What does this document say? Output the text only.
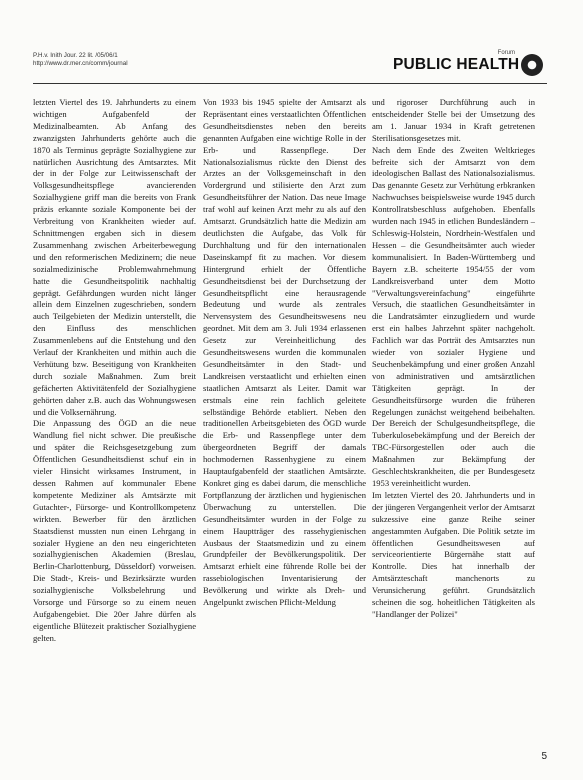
P.H.v. Inith Jour. 22 lit. /05/06/1
http://www.dr.mer.cn/comm/journal
Forum
PUBLIC HEALTH
letzten Viertel des 19. Jahrhunderts zu einem wichtigen Aufgabenfeld der Medizinalbeamten. Ab Anfang des zwanzigsten Jahrhunderts gehörte auch die 1870 als Terminus geprägte Sozialhygiene zur natürlichen Ausrichtung des Amtsarztes. Mit der in der Folge zur Leitwissenschaft der Volksgesundheitspflege avancierenden Sozialhygiene griff man die bereits von Frank präzis erkannte soziale Komponente bei der Verbreitung von Krankheiten wieder auf. Schnittmengen ergaben sich in diesem Zusammenhang zwischen Arbeiterbewegung und den reformerischen Medizinern; die neue sozialmedizinische Problemwahrnehmung hatte die Gesundheitspolitik nachhaltig geprägt. Gefährdungen wurden nicht länger allein dem Einzelnen zugeschrieben, sondern auch Teilgebieten der Medizin unterstellt, die den Einfluss des menschlichen Zusammenlebens auf die Entstehung und den Verlauf der Krankheiten und mithin auch die Verhütung bzw. Beseitigung von Krankheiten durch soziale Maßnahmen. Zum breit gefächerten Aktivitätenfeld der Sozialhygiene gehörten daher z.B. auch das Wohnungswesen und die Volksernährung.
Die Anpassung des ÖGD an die neue Wandlung fiel nicht schwer. Die preußische und später die Reichsgesetzgebung zum Öffentlichen Gesundheitsdienst schuf ein in vieler Hinsicht wirksames Instrument, in dessen Rahmen auf kommunaler Ebene kompetente Mediziner als Amtsärzte mit Gutachter-, Fürsorge- und Kontrollkompetenz wirkten. Bewerber für den ärztlichen Staatsdienst mussten nun einen Lehrgang in sozialer Hygiene an den neu eingerichteten sozialhygienischen Akademien (Breslau, Berlin-Charlottenburg, Düsseldorf) vorweisen. Die Stadt-, Kreis- und Bezirksärzte wurden sozialhygienische Volksbelehrung und Vorsorge und Fürsorge so zu einem neuen Aufgabengebiet. Die 20er Jahre dürfen als eigentliche Blütezeit praktischer Sozialhygiene gelten.
Von 1933 bis 1945 spielte der Amtsarzt als Repräsentant eines verstaatlichten Öffentlichen Gesundheitsdienstes neben den bereits genannten Aufgaben eine wichtige Rolle in der Erb- und Rassenpflege. Der Nationalsozialismus rückte den Dienst des Arztes an der Volksgemeinschaft in den Vordergrund und stilisierte den Arzt zum Gesundheitsführer der Nation. Das neue Image traf wohl auf keinen Arzt mehr zu als auf den Amtsarzt. Grundsätzlich hatte die Medizin am deutlichsten die Aufgabe, das Volk für Durchhaltung und für den internationalen Daseinskampf fit zu machen. Vor diesem Hintergrund erhielt der Öffentliche Gesundheitsdienst bei der Durchsetzung der Gesundheitspflicht eine herausragende Bedeutung und wurde als zentrales Nervensystem des Gesundheitswesens neu geordnet. Mit dem am 3. Juli 1934 erlassenen Gesetz zur Vereinheitlichung des Gesundheitswesens wurden die kommunalen Gesundheitsämter in den Stadt- und Landkreisen verstaatlicht und erhielten einen staatlichen Amtsarzt als Leiter. Damit war erstmals eine rein fachlich geleitete selbständige Behörde etabliert. Neben den traditionellen Arbeitsgebieten des ÖGD wurde die Erb- und Rassenpflege unter dem übergeordneten Begriff der damals hochmodernen Rassenhygiene zu einem Hauptaufgabenfeld der staatlichen Amtsärzte. Konkret ging es dabei darum, die menschliche Fortpflanzung der ärztlichen und hygienischen Überwachung zu unterstellen. Die Gesundheitsämter wurden in der Folge zu einem Hauptträger des rassehygienischen Ausbaus der Staatsmedizin und zu einem Grundpfeiler der Bevölkerungspolitik. Der Amtsarzt erhielt eine führende Rolle bei der rassebiologischen Inventarisierung der Bevölkerung und wirkte als Dreh- und Angelpunkt zwischen Pflicht-Meldung
und rigoroser Durchführung auch in entscheidender Stelle bei der Umsetzung des am 1. Januar 1934 in Kraft getretenen Sterilisationsgesetzes mit.
Nach dem Ende des Zweiten Weltkrieges befreite sich der Amtsarzt von dem ideologischen Ballast des Nationalsozialismus. Das genannte Gesetz zur Verhütung erbkranken Nachwuchses beispielsweise wurde 1945 durch Kontrollratsbeschluss aufgehoben. Ebenfalls wurden nach 1945 in etlichen Bundesländern – Schleswig-Holstein, Nordrhein-Westfalen und Hessen – die Gesundheitsämter auch wieder kommunalisiert. In Baden-Württemberg und Bayern z.B. scheiterte 1954/55 der vom Landkreisverband unter dem Motto "Verwaltungsvereinfachung" eingeführte Versuch, die staatlichen Gesundheitsämter in die Landratsämter einzugliedern und wurde erst ein halbes Jahrzehnt später nachgeholt. Fachlich war das Porträt des Amtsarztes nun wieder von sozialer Hygiene und Seuchenbekämpfung und einer großen Anzahl von administrativen und amtsärztlichen Tätigkeiten geprägt. In der Gesundheitsfürsorge wurden die früheren Regelungen zunächst weitgehend beibehalten. Der Bereich der Schulgesundheitspflege, die Tuberkulosebekämpfung und der Bereich der TBC-Fürsorgestellen oder auch die Maßnahmen zur Bekämpfung der Geschlechtskrankheiten, die per Bundesgesetz 1953 vereinheitlicht wurden.
Im letzten Viertel des 20. Jahrhunderts und in der jüngeren Vergangenheit verlor der Amtsarzt sukzessive eine ganze Reihe seiner angestammten Aufgaben. Die Politik setzte im öffentlichen Gesundheitswesen auf serviceorientierte Bürgernähe statt auf Kontrolle. Dies hat innerhalb der Amtsärzteschaft manchenorts zu Verunsicherung geführt. Grundsätzlich scheinen die sog. hoheitlichen Tätigkeiten als "Handlanger der Polizei"
5
